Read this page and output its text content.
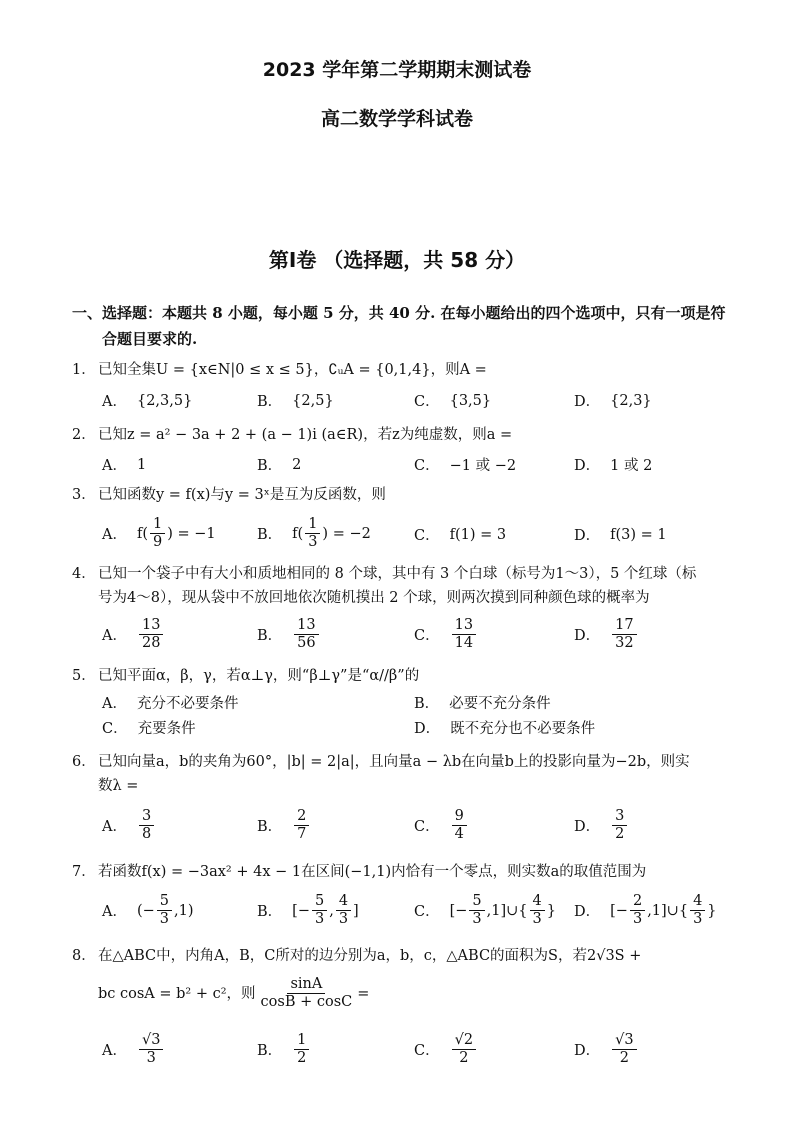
2023 学年第二学期期末测试卷
高二数学学科试卷
第Ⅰ卷 （选择题，共 58 分）
一、选择题：本题共 8 小题，每小题 5 分，共 40 分. 在每小题给出的四个选项中，只有一项是符
合题目要求的.
1． 已知全集U = {x∈N|0 ≤ x ≤ 5}，∁ᵤA = {0,1,4}，则A =
A． {2,3,5}	B． {2,5}	C． {3,5}	D． {2,3}
2． 已知z = a² − 3a + 2 + (a − 1)i (a∈R)，若z为纯虚数，则a =
A． 1	B． 2	C． −1 或 −2	D． 1 或 2
3． 已知函数y = f(x)与y = 3ˣ是互为反函数，则
A． $f( \frac{1}{9}$ ) = −1	B． $f( \frac{1}{3}$ ) = −2	C． f(1) = 3	D． f(3) = 1
4． 已知一个袋子中有大小和质地相同的 8 个球，其中有 3 个白球（标号为1～3），5 个红球（标
号为4～8），现从袋中不放回地依次随机摸出 2 个球，则两次摸到同种颜色球的概率为
A． $\frac{13}{28}$	B． $\frac{13}{56}$	C． $\frac{13}{14}$	D． $\frac{17}{32}$
5． 已知平面α，β，γ，若α⊥γ，则“β⊥γ”是“α//β”的
A． 充分不必要条件	B． 必要不充分条件
C． 充要条件	D． 既不充分也不必要条件
6． 已知向量a，b的夹角为60°，|b| = 2|a|，且向量a − λb在向量b上的投影向量为−2b，则实
数λ =
A． $\frac{3}{8}$	B． $\frac{2}{7}$	C． $\frac{9}{4}$	D． $\frac{3}{2}$
7． 若函数f(x) = −3ax² + 4x − 1在区间(−1,1)内恰有一个零点，则实数a的取值范围为
A． (− $\frac{5}{3} ,1$)	B． [− $\frac{5}{3}$ , $\frac{4}{3}$ ]	C． [− $\frac{5}{3}$ ,1]∪{ $\frac{4}{3}$ } D． [− $\frac{2}{3}$ ,1]∪{ $\frac{4}{3}$ }
8． 在△ABC中，内角A，B，C所对的边分别为a，b，c，△ABC的面积为S，若2√3S +
bc cosA = b² + c²，则 $\frac{\sin A}{\cos B + \cos C}$ =
A． $\frac{√3}{3}$	B． $\frac{1}{2}$	C． $\frac{√2}{2}$	D． $\frac{√3}{2}$
